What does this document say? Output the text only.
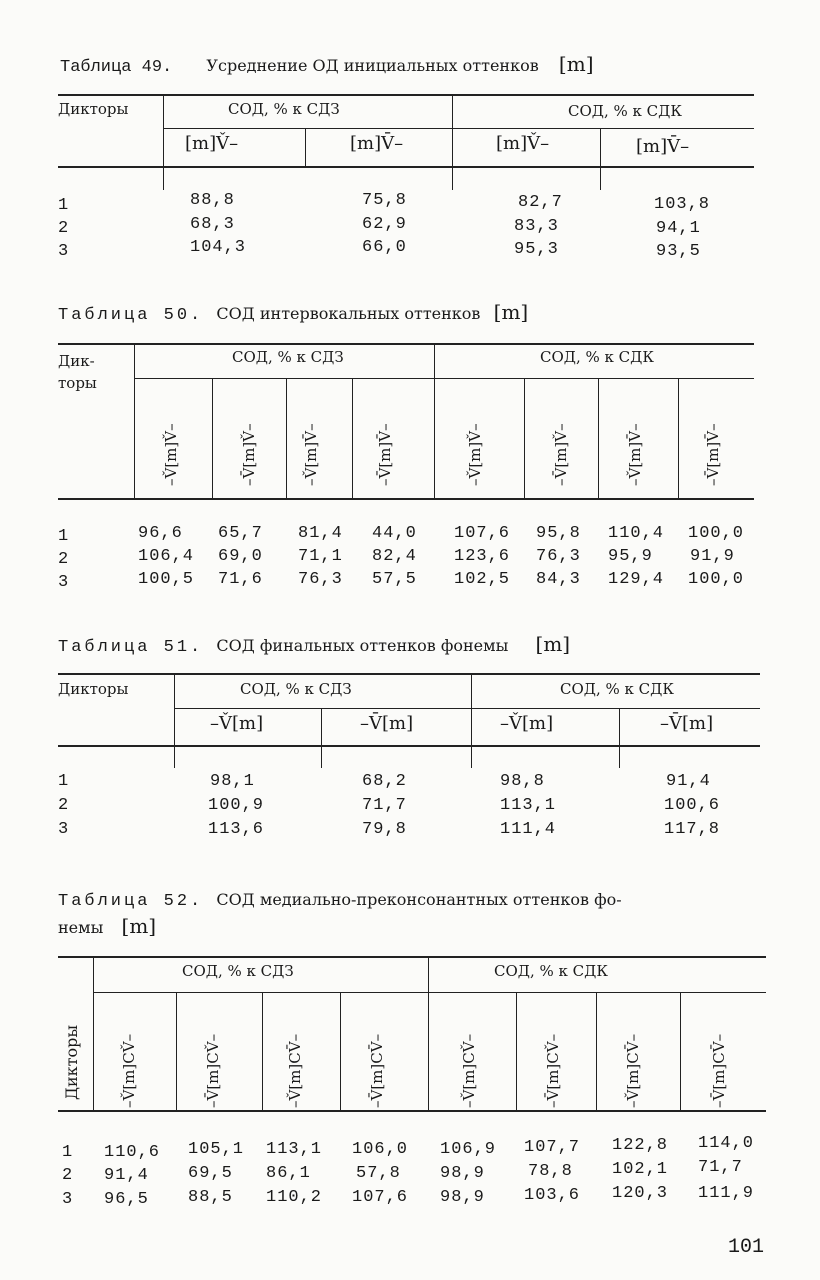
Таблица 49. Усреднение ОД инициальных оттенков [m]
Дикторы	СОД, % к СДЗ	СОД, % к СДК
[m]V̌–	[m]V̄–	[m]V̌–	[m]V̄–
1	88,8	75,8	82,7	103,8
2	68,3	62,9	83,3	94,1
3	104,3	66,0	95,3	93,5
Таблица 50. СОД интервокальных оттенков [m]
Дик-
торы
СОД, % к СДЗ	СОД, % к СДК
–V̌[m]V̌–	–V̄[m]V̌–	–V̌[m]V̄–	–V̄[m]V̄–	–V̌[m]V̌–	–V̄[m]V̌–	–V̌[m]V̄–	–V̄[m]V̄–
1	96,6 65,7 81,4 44,0 107,6 95,8 110,4 100,0
2	106,4 69,0 71,1 82,4 123,6 76,3 95,9 91,9
3	100,5 71,6 76,3 57,5 102,5 84,3 129,4 100,0
Таблица 51. СОД финальных оттенков фонемы [m]
Дикторы	СОД, % к СДЗ	СОД, % к СДК
–V̌[m]	–V̄[m]	–V̌[m]	–V̄[m]
1	98,1	68,2	98,8	91,4
2	100,9	71,7	113,1	100,6
3	113,6	79,8	111,4	117,8
Таблица 52. СОД медиально-преконсонантных оттенков фо-
немы [m]
Дикторы
СОД, % к СДЗ	СОД, % к СДК
–V̌[m]CV̌–	–V̄[m]CV̌–	–V̌[m]CV̄–	–V̄[m]CV̄–	–V̌[m]CV̌–	–V̄[m]CV̌–	–V̌[m]CV̄–	–V̄[m]CV̄–
1 110,6 105,1 113,1 106,0 106,9 107,7 122,8 114,0
2 91,4 69,5 86,1	57,8 98,9	78,8 102,1 71,7
3 96,5 88,5 110,2 107,6 98,9 103,6 120,3 111,9
101
